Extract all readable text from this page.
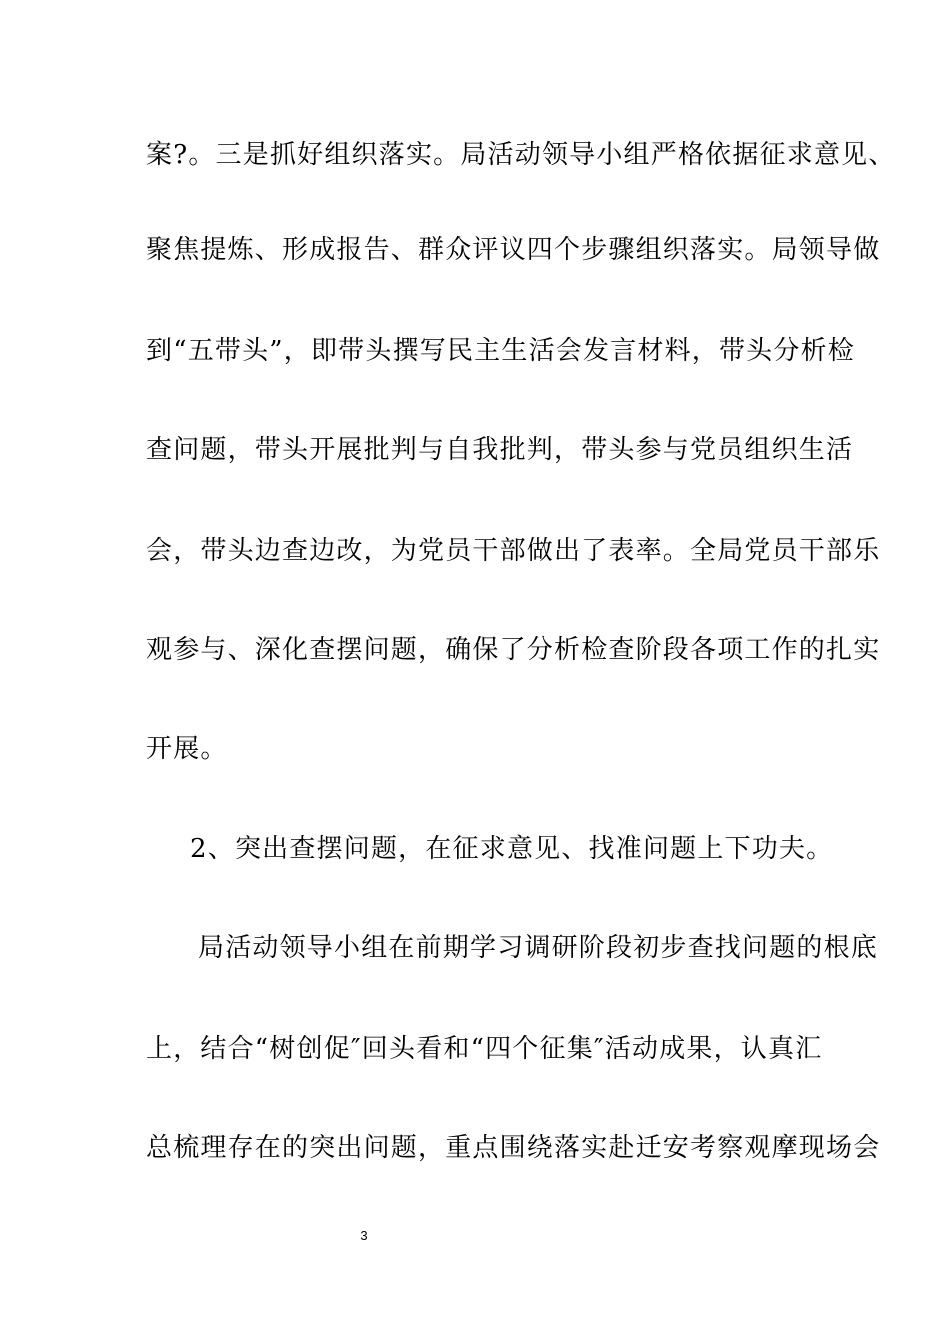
案?。三是抓好组织落实。局活动领导小组严格依据征求意见、
聚焦提炼、形成报告、群众评议四个步骤组织落实。局领导做
到“五带头”，即带头撰写民主生活会发言材料，带头分析检
查问题，带头开展批判与自我批判，带头参与党员组织生活
会，带头边查边改，为党员干部做出了表率。全局党员干部乐
观参与、深化查摆问题，确保了分析检查阶段各项工作的扎实
开展。
2、突出查摆问题，在征求意见、找准问题上下功夫。
局活动领导小组在前期学习调研阶段初步查找问题的根底
上，结合“树创促″回头看和“四个征集″活动成果，认真汇
总梳理存在的突出问题，重点围绕落实赴迁安考察观摩现场会
3
